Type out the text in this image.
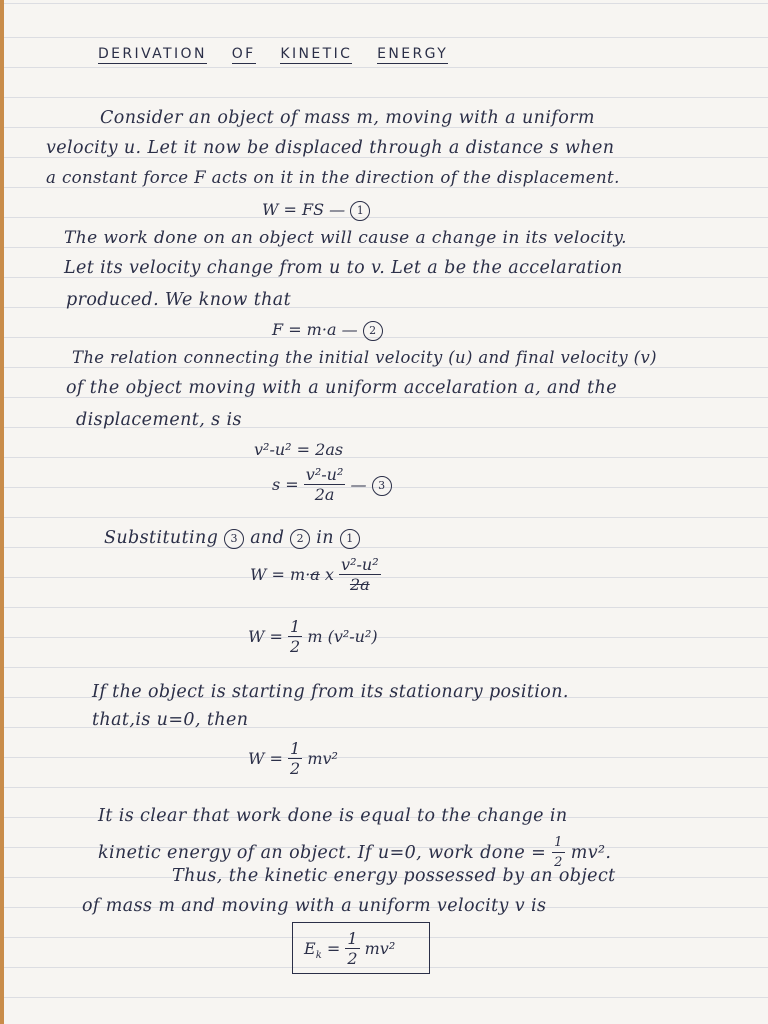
DERIVATION OF KINETIC ENERGY
Consider an object of mass m, moving with a uniform
velocity u. Let it now be displaced through a distance s when
a constant force F acts on it in the direction of the displacement.
W = FS — 1
The work done on an object will cause a change in its velocity.
Let its velocity change from u to v. Let a be the accelaration
produced. We know that
F = m·a — 2
The relation connecting the initial velocity (u) and final velocity (v)
of the object moving with a uniform accelaration a, and the
displacement, s is
v²-u² = 2as
$s = \frac{\text{v²-u²}}{2a}$ — 3
Substituting 3 and 2 in 1
W = m·a x $\frac{\text{v²-u²}}{2a}$
$W = \frac{1}{2}$ m (v²-u²)
If the object is starting from its stationary position.
that,is u=0, then
$W = \frac{1}{2} mv^2$
It is clear that work done is equal to the change in
kinetic energy of an object. If u=0, work done = $\frac{1}{2} mv^2$.
Thus, the kinetic energy possessed by an object
of mass m and moving with a uniform velocity v is
$E_k = \frac{1}{2} mv^2$
